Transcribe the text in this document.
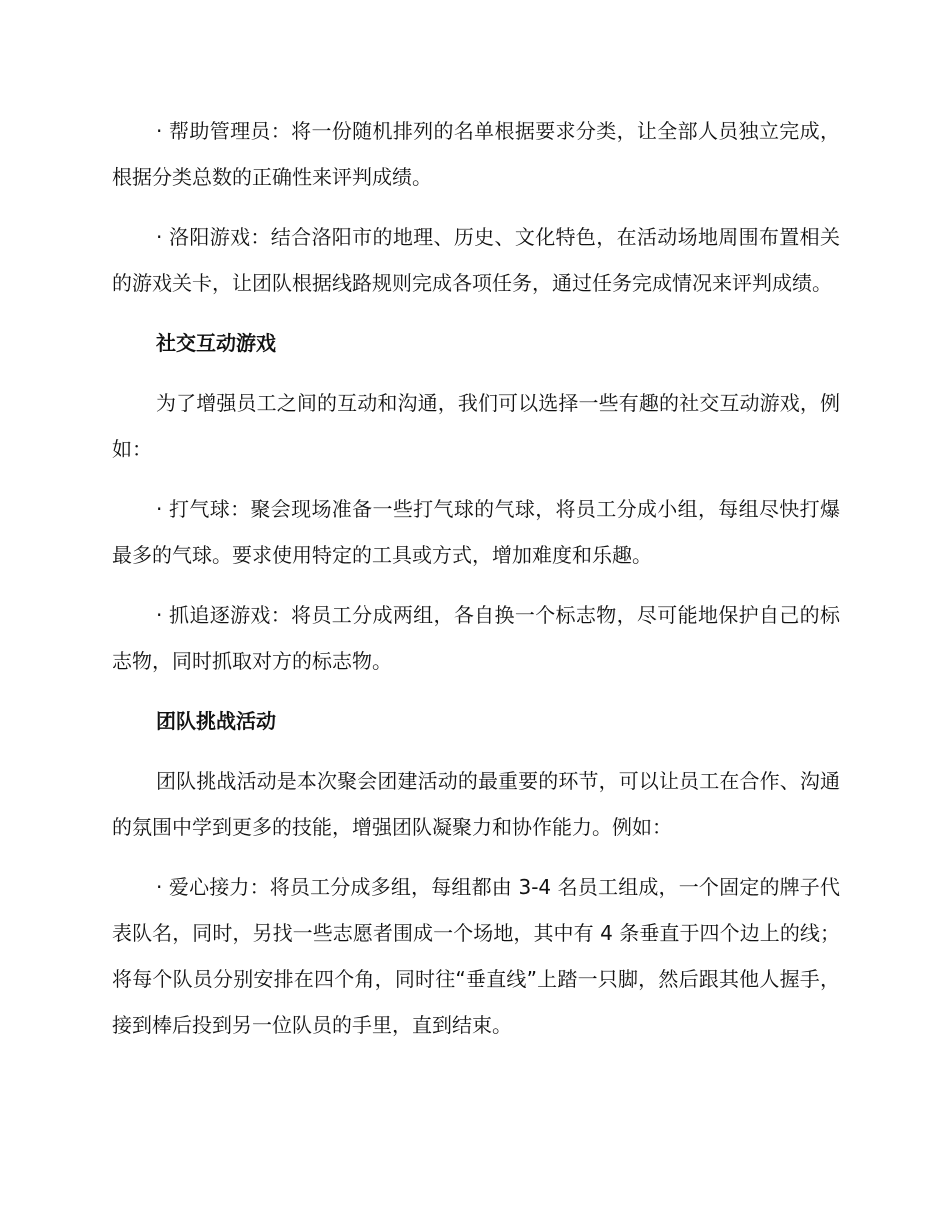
· 帮助管理员：将一份随机排列的名单根据要求分类，让全部人员独立完成，根据分类总数的正确性来评判成绩。

· 洛阳游戏：结合洛阳市的地理、历史、文化特色，在活动场地周围布置相关的游戏关卡，让团队根据线路规则完成各项任务，通过任务完成情况来评判成绩。

社交互动游戏

为了增强员工之间的互动和沟通，我们可以选择一些有趣的社交互动游戏，例如：

· 打气球：聚会现场准备一些打气球的气球，将员工分成小组，每组尽快打爆最多的气球。要求使用特定的工具或方式，增加难度和乐趣。

· 抓追逐游戏：将员工分成两组，各自换一个标志物，尽可能地保护自己的标志物，同时抓取对方的标志物。

团队挑战活动

团队挑战活动是本次聚会团建活动的最重要的环节，可以让员工在合作、沟通的氛围中学到更多的技能，增强团队凝聚力和协作能力。例如：

· 爱心接力：将员工分成多组，每组都由 3-4 名员工组成，一个固定的牌子代表队名，同时，另找一些志愿者围成一个场地，其中有 4 条垂直于四个边上的线；将每个队员分别安排在四个角，同时往“垂直线”上踏一只脚，然后跟其他人握手，接到棒后投到另一位队员的手里，直到结束。
